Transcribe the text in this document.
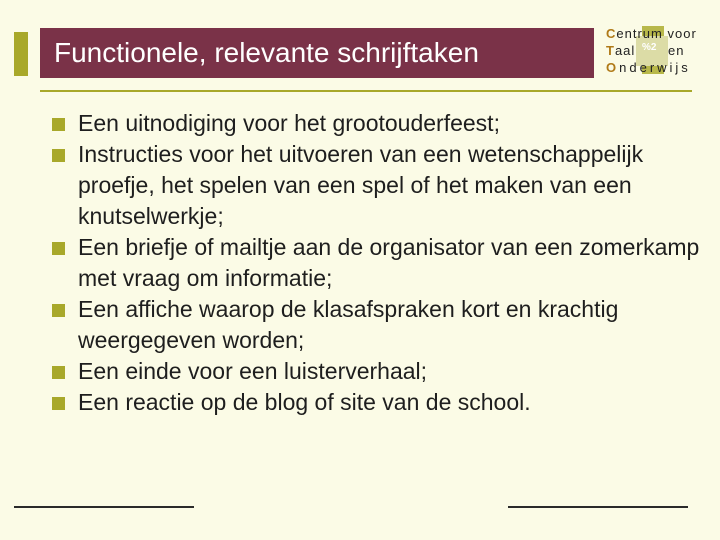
Functionele, relevante schrijftaken	%2
Centrum voor
Taal	en
Onderwijs
Een uitnodiging voor het grootouderfeest;
Instructies voor het uitvoeren van een wetenschappelijk proefje, het spelen van een spel of het maken van een knutselwerkje;
Een briefje of mailtje aan de organisator van een zomerkamp met vraag om informatie;
Een affiche waarop de klasafspraken kort en krachtig weergegeven worden;
Een einde voor een luisterverhaal;
Een reactie op de blog of site van de school.
